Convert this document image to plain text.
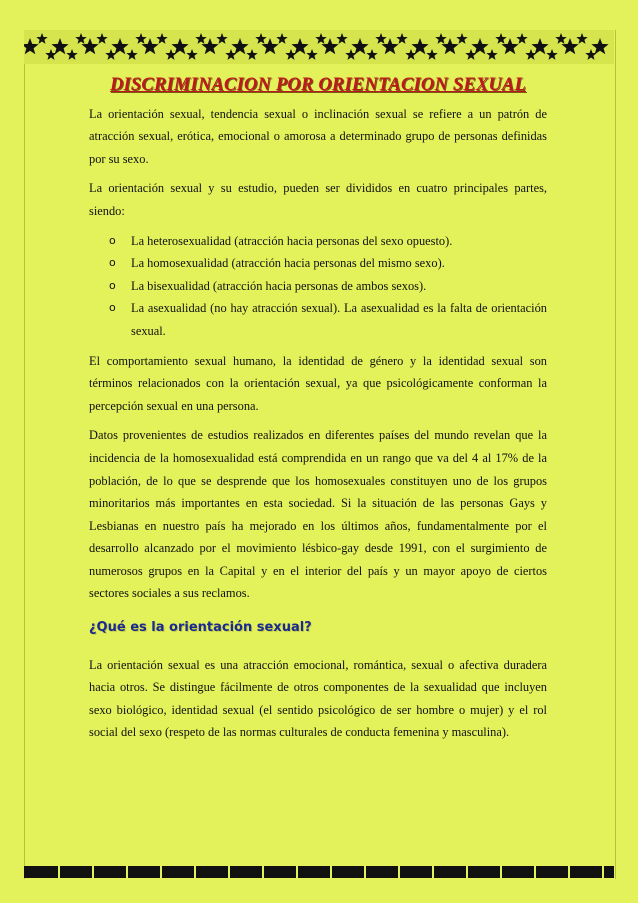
DISCRIMINACION POR ORIENTACION SEXUAL

La orientación sexual, tendencia sexual o inclinación sexual se refiere a un patrón de atracción sexual, erótica, emocional o amorosa a determinado grupo de personas definidas por su sexo.

La orientación sexual y su estudio, pueden ser divididos en cuatro principales partes, siendo:

o La heterosexualidad (atracción hacia personas del sexo opuesto).
o La homosexualidad (atracción hacia personas del mismo sexo).
o La bisexualidad (atracción hacia personas de ambos sexos).
o La asexualidad (no hay atracción sexual). La asexualidad es la falta de orientación sexual.

El comportamiento sexual humano, la identidad de género y la identidad sexual son términos relacionados con la orientación sexual, ya que psicológicamente conforman la percepción sexual en una persona.

Datos provenientes de estudios realizados en diferentes países del mundo revelan que la incidencia de la homosexualidad está comprendida en un rango que va del 4 al 17% de la población, de lo que se desprende que los homosexuales constituyen uno de los grupos minoritarios más importantes en esta sociedad. Si la situación de las personas Gays y Lesbianas en nuestro país ha mejorado en los últimos años, fundamentalmente por el desarrollo alcanzado por el movimiento lésbico-gay desde 1991, con el surgimiento de numerosos grupos en la Capital y en el interior del país y un mayor apoyo de ciertos sectores sociales a sus reclamos.

¿Qué es la orientación sexual?

La orientación sexual es una atracción emocional, romántica, sexual o afectiva duradera hacia otros. Se distingue fácilmente de otros componentes de la sexualidad que incluyen sexo biológico, identidad sexual (el sentido psicológico de ser hombre o mujer) y el rol social del sexo (respeto de las normas culturales de conducta femenina y masculina).
